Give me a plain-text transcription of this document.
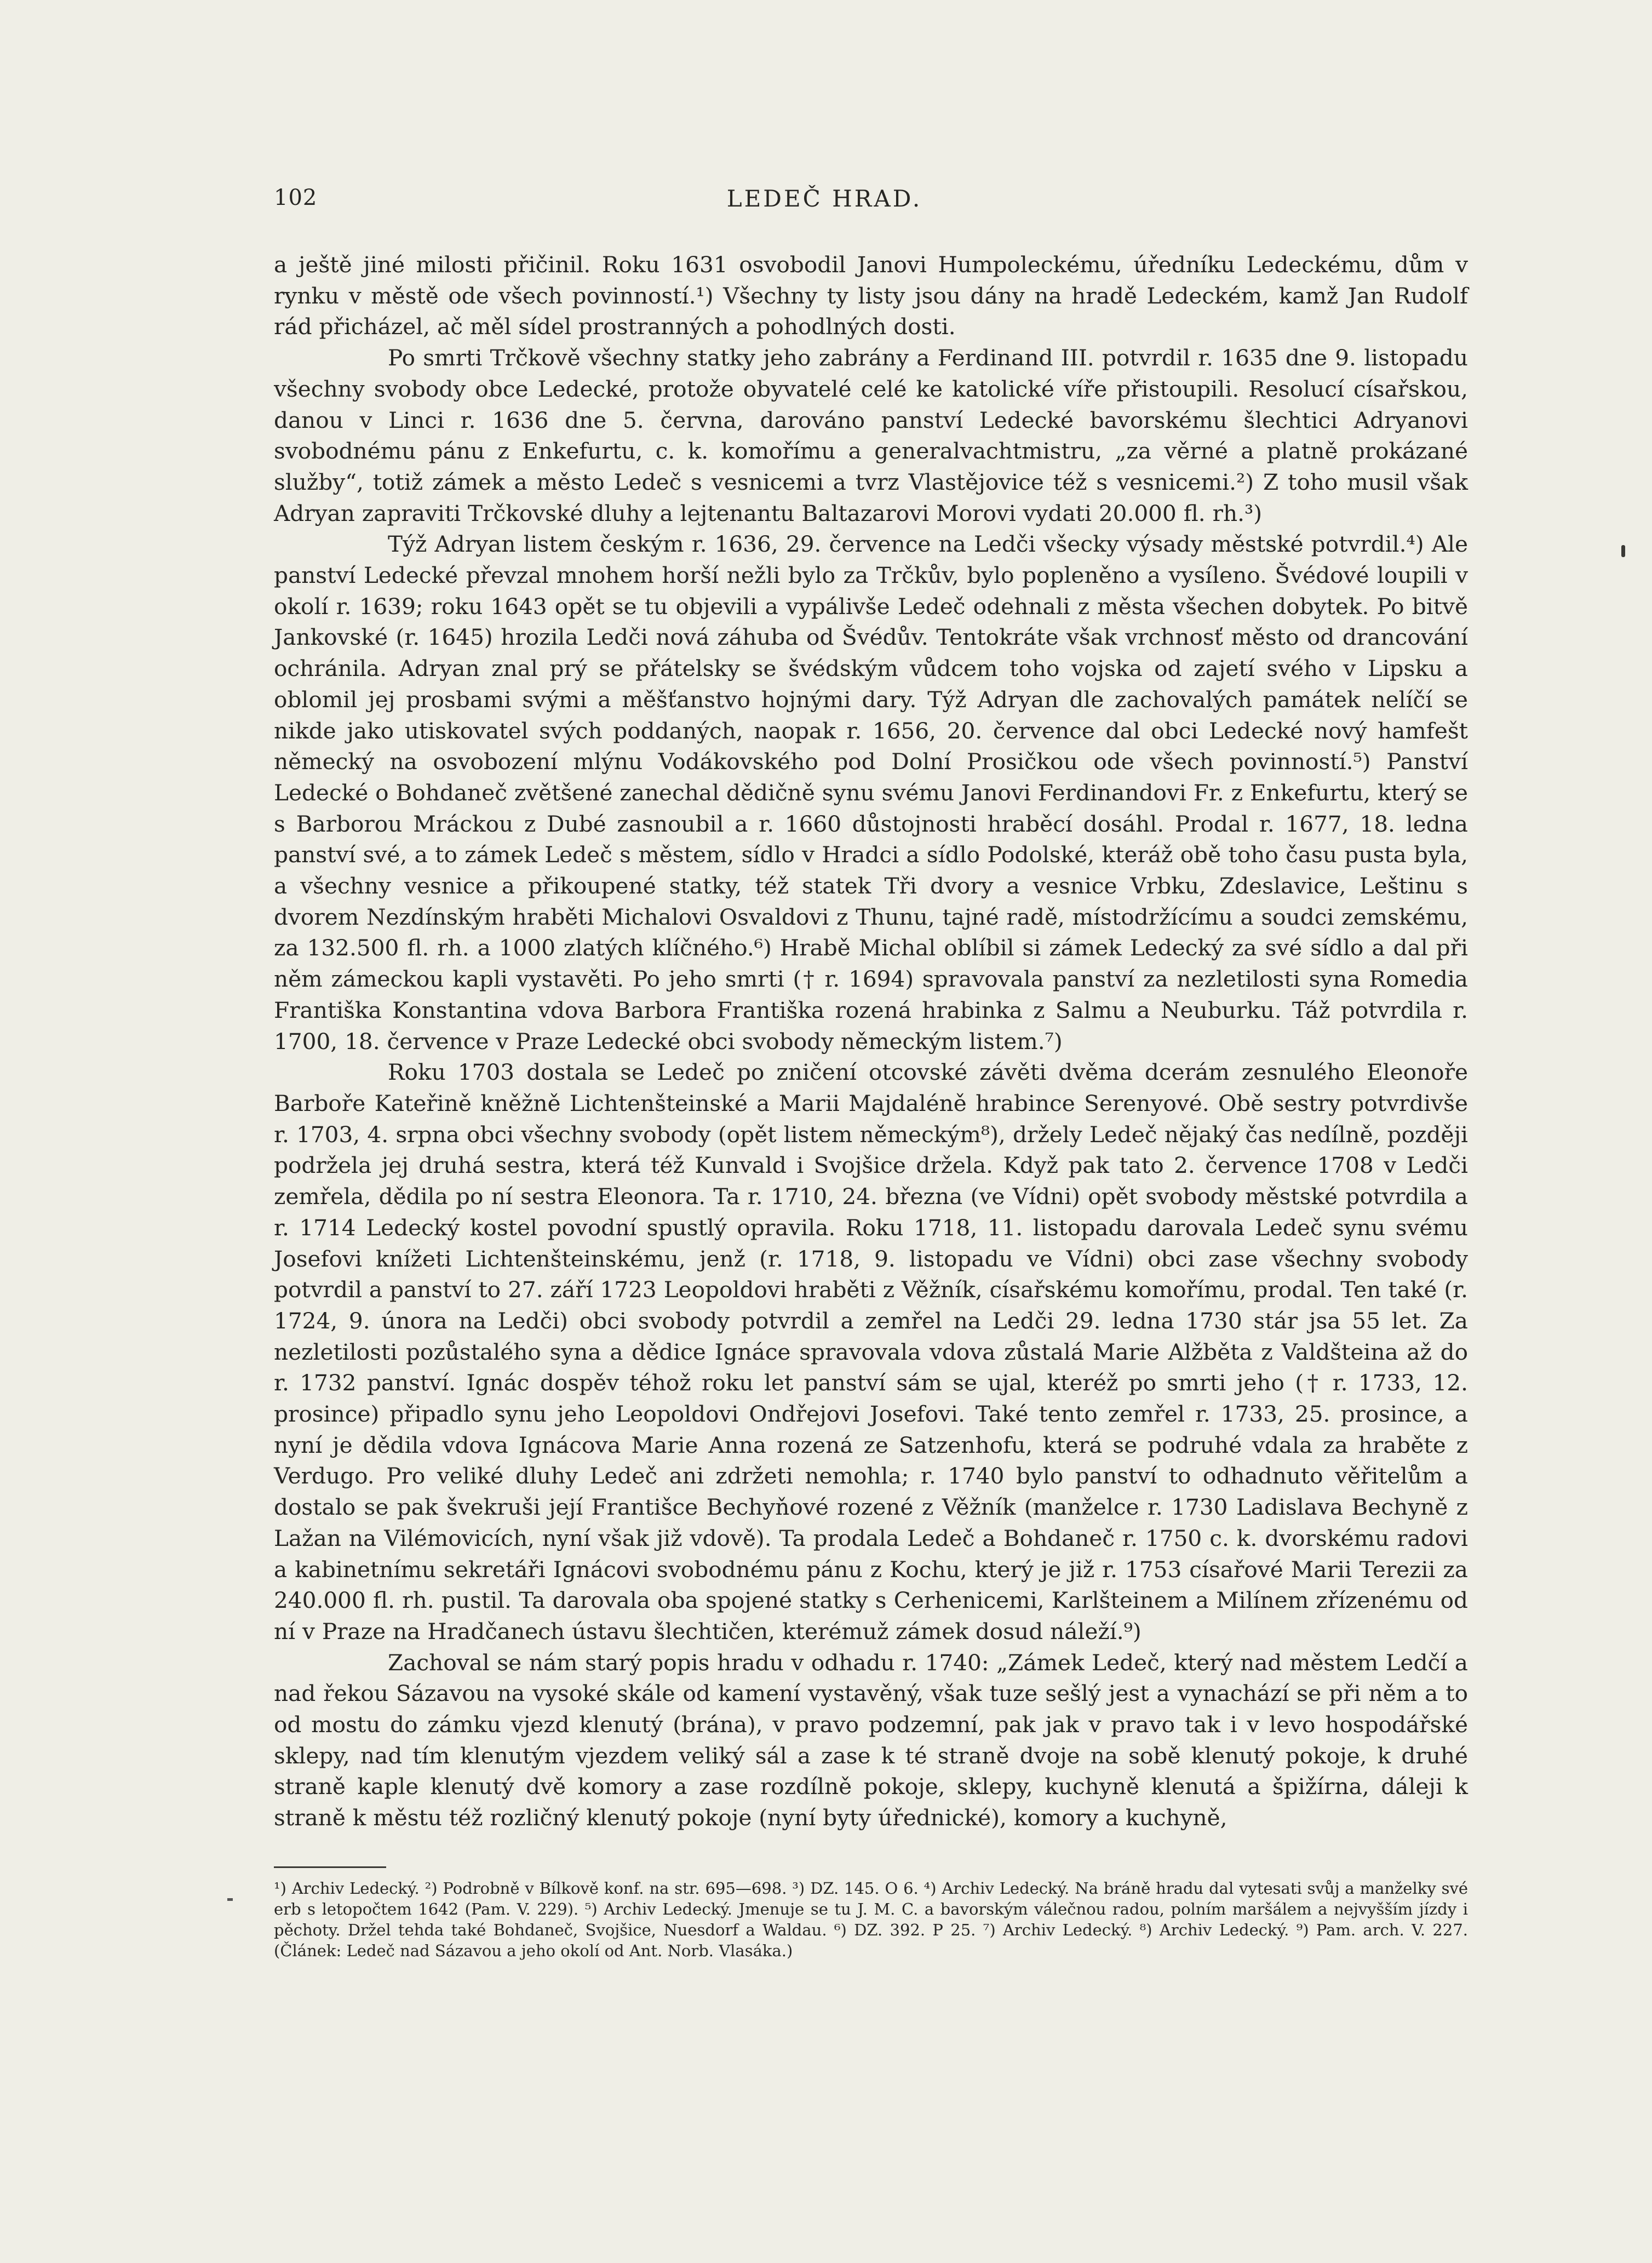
102	LEDEČ HRAD.

a ještě jiné milosti přičinil. Roku 1631 osvobodil Janovi Humpoleckému, úředníku Ledeckému, dům v rynku v městě ode všech povinností.¹) Všechny ty listy jsou dány na hradě Ledeckém, kamž Jan Rudolf rád přicházel, ač měl sídel prostranných a pohodlných dosti.

Po smrti Trčkově všechny statky jeho zabrány a Ferdinand III. potvrdil r. 1635 dne 9. listopadu všechny svobody obce Ledecké, protože obyvatelé celé ke katolické víře přistoupili. Resolucí císařskou, danou v Linci r. 1636 dne 5. června, darováno panství Ledecké bavorskému šlechtici Adryanovi svobodnému pánu z Enkefurtu, c. k. komořímu a generalvachtmistru, „za věrné a platně prokázané služby“, totiž zámek a město Ledeč s vesnicemi a tvrz Vlastějovice též s vesnicemi.²) Z toho musil však Adryan zapraviti Trčkovské dluhy a lejtenantu Baltazarovi Morovi vydati 20.000 fl. rh.³)

Týž Adryan listem českým r. 1636, 29. července na Ledči všecky výsady městské potvrdil.⁴) Ale panství Ledecké převzal mnohem horší nežli bylo za Trčkův, bylo popleněno a vysíleno. Švédové loupili v okolí r. 1639; roku 1643 opět se tu objevili a vypálivše Ledeč odehnali z města všechen dobytek. Po bitvě Jankovské (r. 1645) hrozila Ledči nová záhuba od Švédův. Tentokráte však vrchnosť město od drancování ochránila. Adryan znal prý se přátelsky se švédským vůdcem toho vojska od zajetí svého v Lipsku a oblomil jej prosbami svými a měšťanstvo hojnými dary. Týž Adryan dle zachovalých památek nelíčí se nikde jako utiskovatel svých poddaných, naopak r. 1656, 20. července dal obci Ledecké nový hamfešt německý na osvobození mlýnu Vodákovského pod Dolní Prosičkou ode všech povinností.⁵) Panství Ledecké o Bohdaneč zvětšené zanechal dědičně synu svému Janovi Ferdinandovi Fr. z Enkefurtu, který se s Barborou Mráckou z Dubé zasnoubil a r. 1660 důstojnosti hraběcí dosáhl. Prodal r. 1677, 18. ledna panství své, a to zámek Ledeč s městem, sídlo v Hradci a sídlo Podolské, kteráž obě toho času pusta byla, a všechny vesnice a přikoupené statky, též statek Tři dvory a vesnice Vrbku, Zdeslavice, Leštinu s dvorem Nezdínským hraběti Michalovi Osvaldovi z Thunu, tajné radě, místodržícímu a soudci zemskému, za 132.500 fl. rh. a 1000 zlatých klíčného.⁶) Hrabě Michal oblíbil si zámek Ledecký za své sídlo a dal při něm zámeckou kapli vystavěti. Po jeho smrti († r. 1694) spravovala panství za nezletilosti syna Romedia Františka Konstantina vdova Barbora Františka rozená hrabinka z Salmu a Neuburku. Táž potvrdila r. 1700, 18. července v Praze Ledecké obci svobody německým listem.⁷)

Roku 1703 dostala se Ledeč po zničení otcovské závěti dvěma dcerám zesnulého Eleonoře Barboře Kateřině kněžně Lichtenšteinské a Marii Majdaléně hrabince Serenyové. Obě sestry potvrdivše r. 1703, 4. srpna obci všechny svobody (opět listem německým⁸), držely Ledeč nějaký čas nedílně, později podržela jej druhá sestra, která též Kunvald i Svojšice držela. Když pak tato 2. července 1708 v Ledči zemřela, dědila po ní sestra Eleonora. Ta r. 1710, 24. března (ve Vídni) opět svobody městské potvrdila a r. 1714 Ledecký kostel povodní spustlý opravila. Roku 1718, 11. listopadu darovala Ledeč synu svému Josefovi knížeti Lichtenšteinskému, jenž (r. 1718, 9. listopadu ve Vídni) obci zase všechny svobody potvrdil a panství to 27. září 1723 Leopoldovi hraběti z Věžník, císařskému komořímu, prodal. Ten také (r. 1724, 9. února na Ledči) obci svobody potvrdil a zemřel na Ledči 29. ledna 1730 stár jsa 55 let. Za nezletilosti pozůstalého syna a dědice Ignáce spravovala vdova zůstalá Marie Alžběta z Valdšteina až do r. 1732 panství. Ignác dospěv téhož roku let panství sám se ujal, kteréž po smrti jeho († r. 1733, 12. prosince) připadlo synu jeho Leopoldovi Ondřejovi Josefovi. Také tento zemřel r. 1733, 25. prosince, a nyní je dědila vdova Ignácova Marie Anna rozená ze Satzenhofu, která se podruhé vdala za hraběte z Verdugo. Pro veliké dluhy Ledeč ani zdržeti nemohla; r. 1740 bylo panství to odhadnuto věřitelům a dostalo se pak švekruši její Františce Bechyňové rozené z Věžník (manželce r. 1730 Ladislava Bechyně z Lažan na Vilémovicích, nyní však již vdově). Ta prodala Ledeč a Bohdaneč r. 1750 c. k. dvorskému radovi a kabinetnímu sekretáři Ignácovi svobodnému pánu z Kochu, který je již r. 1753 císařové Marii Terezii za 240.000 fl. rh. pustil. Ta darovala oba spojené statky s Cerhenicemi, Karlšteinem a Milínem zřízenému od ní v Praze na Hradčanech ústavu šlechtičen, kterémuž zámek dosud náleží.⁹)

Zachoval se nám starý popis hradu v odhadu r. 1740: „Zámek Ledeč, který nad městem Ledčí a nad řekou Sázavou na vysoké skále od kamení vystavěný, však tuze sešlý jest a vynachází se při něm a to od mostu do zámku vjezd klenutý (brána), v pravo podzemní, pak jak v pravo tak i v levo hospodářské sklepy, nad tím klenutým vjezdem veliký sál a zase k té straně dvoje na sobě klenutý pokoje, k druhé straně kaple klenutý dvě komory a zase rozdílně pokoje, sklepy, kuchyně klenutá a špižírna, dáleji k straně k městu též rozličný klenutý pokoje (nyní byty úřednické), komory a kuchyně,

¹) Archiv Ledecký. ²) Podrobně v Bílkově konf. na str. 695—698. ³) DZ. 145. O 6. ⁴) Archiv Ledecký. Na bráně hradu dal vytesati svůj a manželky své erb s letopočtem 1642 (Pam. V. 229). ⁵) Archiv Ledecký. Jmenuje se tu J. M. C. a bavorským válečnou radou, polním maršálem a nejvyšším jízdy i pěchoty. Držel tehda také Bohdaneč, Svojšice, Nuesdorf a Waldau. ⁶) DZ. 392. P 25. ⁷) Archiv Ledecký. ⁸) Archiv Ledecký. ⁹) Pam. arch. V. 227. (Článek: Ledeč nad Sázavou a jeho okolí od Ant. Norb. Vlasáka.)
